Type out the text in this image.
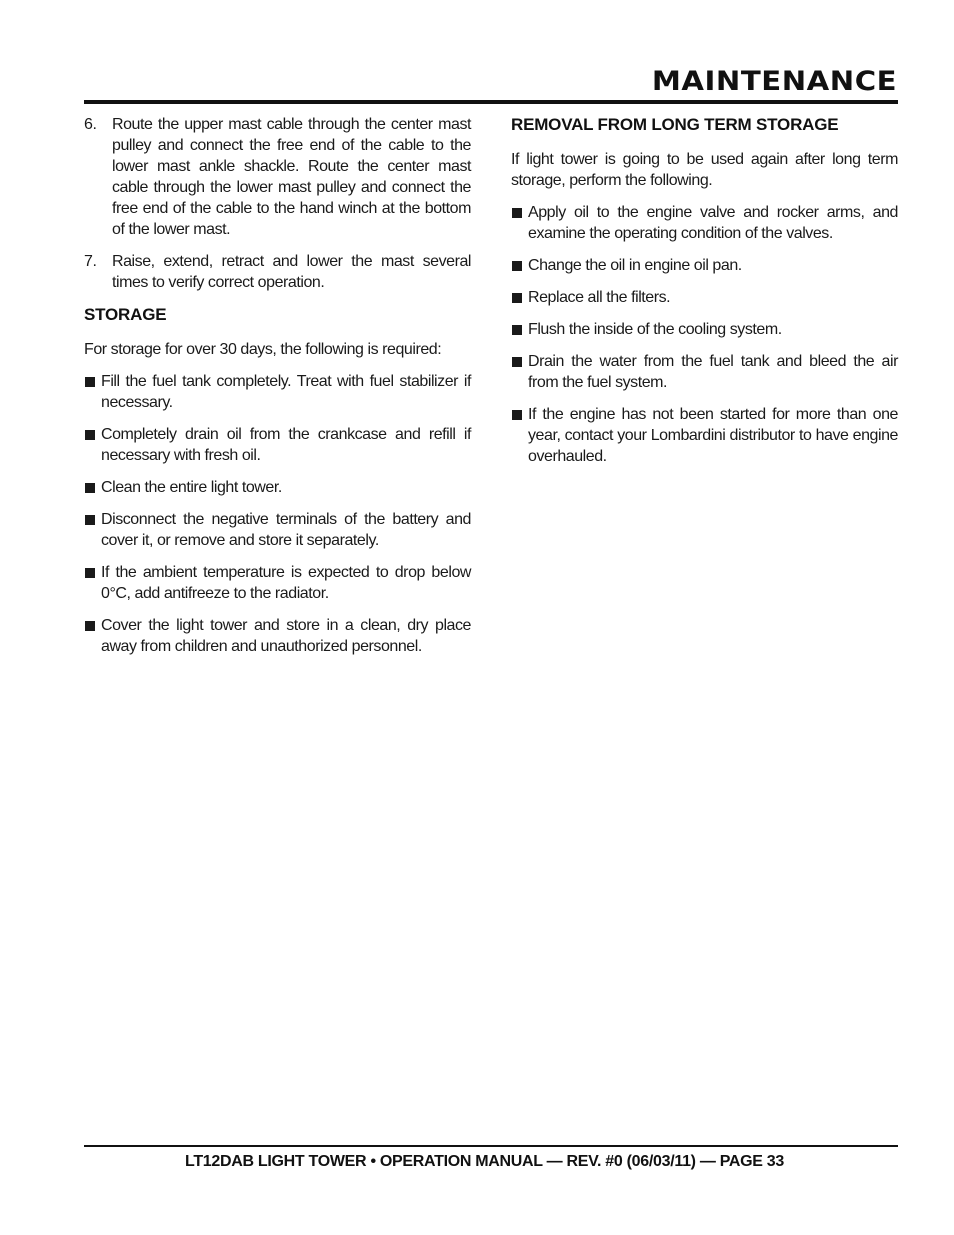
MAINTENANCE
6. Route the upper mast cable through the center mast pulley and connect the free end of the cable to the lower mast ankle shackle. Route the center mast cable through the lower mast pulley and connect the free end of the cable to the hand winch at the bottom of the lower mast.
7. Raise, extend, retract and lower the mast several times to verify correct operation.
STORAGE
For storage for over 30 days, the following is required:
Fill the fuel tank completely. Treat with fuel stabilizer if necessary.
Completely drain oil from the crankcase and refill if necessary with fresh oil.
Clean the entire light tower.
Disconnect the negative terminals of the battery and cover it, or remove and store it separately.
If the ambient temperature is expected to drop below 0°C, add antifreeze to the radiator.
Cover the light tower and store in a clean, dry place away from children and unauthorized personnel.
REMOVAL FROM LONG TERM STORAGE
If light tower is going to be used again after long term storage, perform the following.
Apply oil to the engine valve and rocker arms, and examine the operating condition of the valves.
Change the oil in engine oil pan.
Replace all the filters.
Flush the inside of the cooling system.
Drain the water from the fuel tank and bleed the air from the fuel system.
If the engine has not been started for more than one year, contact your Lombardini distributor to have engine overhauled.
LT12DAB LIGHT TOWER • OPERATION MANUAL — REV. #0 (06/03/11) — PAGE 33
